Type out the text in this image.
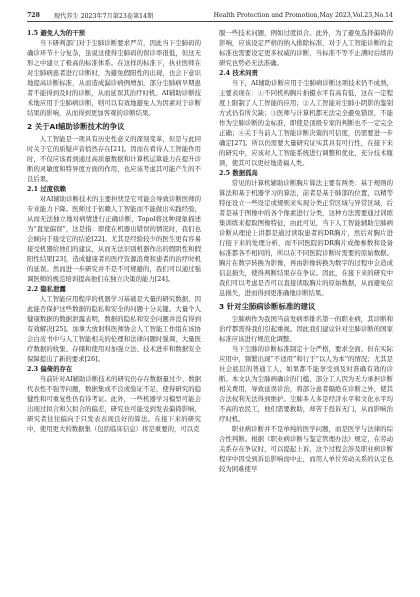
728 现代养生 2023年7月第23卷第14期	Health Protection and Promotion,May 2023,Vol.23,No.14
1.5 避免人为的干预

当下研判部门对于尘肺诊断要求严苛，因此当下尘肺码的确诊环节十分复杂，虽说这使得尘肺码的误诊率很低，但这无形之中建立了极高的标准体系。在这样的标准下，执业医师在对尘肺病患者进行诊断时，为避免假阳性的出现，也会下意识地提高诊断标准，从而造成漏诊病例增加，部分尘肺病早期患者不能得到及时的诊断，从而延误其治疗时机。AI辅助诊断技术地应用于尘肺病诊断，则可以有效地避免人为因素对于诊断结果的影响，从而得到更加客观的诊断结果。

2 关于AI辅助诊断技术的争议

人工智能是一项具有历史性意义的深刻变革，但是与此同时关于它的质疑声音悄然存在[21]。因而在看待人工智能作用时，不仅应该看到通过高质量数据和计算机运算能力在提升诊断的灵敏度和特异度方面的作用，也应该考虑其可能产生的不良后果。

2.1 过度依赖

对AI辅助诊断技术的主要担忧是它可能会导致诊断医师的专业能力下降。医师过于依赖人工智能而不能做出实践经验，从而无法独立地对病情进行正确诊断，Topol将这种现象描述为“直觉偏误”，这是指：即使在机器出错误的情况时，我们也会倾向于接受它的结论[22]。尤其是经验较少的医生更有容易接受机器给他们的建议，从而无法识别机器作出的假阴性和假阳性结果[23]，造成健康者的医疗资源浪费和患者的治疗时机的延误。然而进一步研究并不是不可规避的，我们可以通过强调医师的规范培训提高他们在独立决策的能力[24]。

2.2 隐私泄露

人工智能应用程序的机器学习基础是大量的研究数据，因此能否保护这些数据的隐私和安全的问题十分关键。大量个人健康数据的数据泄露表明，数据的隐私和安全问题并没有得到有效解决[25]。加拿大放射科医师协会人工智能工作组在该协会白皮书中与人工智能相关的伦理和法律问题时强调，大量医疗数据的收集、存储和使用对加强立法、技术进步和数据安全保障提出了新的要求[26]。

2.3 偏倚的存在

当前针对AI辅助诊断技术的研究仍存在数据量过少、数据代表性不强等问题，数据集成不良或验证不足，使得研究的稳健性和可重复性仍有待考证。此外，一些机器学习模型可能会出现过拟合和欠拟合的偏差，研究也可能受到发表偏倚影响，研究者往往偏向于只发表表现良好的算法。在接下来的研究中，使用更大的数据集（包括临床信息）将是重要的，可以克

服一些技术问题，例如过度拟合。此外，为了避免选择偏倚的影响，应该设定严格的纳入排除标准，对于人工智能诊断的金标准也需要设定更多权威的诊断，当标准不等不止满时后续的研究也势必无法准确。

2.4 技术问责

当下，AI辅助诊断应用于尘肺病诊断这项技术仍不成熟，主要表现在：①不同机构胸片拍摄水平有高有低，这在一定程度上限制了人工智能的应用；②人工智能对尘肺小阴影的鉴别方式仍有所欠缺；③医师与计算机都无法完全避免错误，不能作为尘肺诊断的金标准，即使是顶级专家的判断也不一定完全正确；④关于当前人工智能诊断决策的可信度，仍需要进一步确定[27]。所以仍需要大量研究证实其具有可行性，在接下来的研究中，应该对人工智能系统进行调整和优化，充分技术瓶颈，使其可以更好地造福人类。

2.5 数据孤岛

常见的计算机辅助诊断胸片算法主要有两类：基于规则的算法和基于机器学习的算法，前者是基于肺部的位置，以精等特征设立一些设定或规则来实现分类正常区域与异常区域，后者是基于图像中的各个像素进行分类，这种方法需要通过训练集训练来提取图像特征，由此可见，当下人工智能辅助尘肺病诊断从理论上讲都是通过读取患者的DR胸片，然后对胸片进行接下来的处理分析，而不同医院的DR胸片成像参数和设备标准都各不相同的，所以在不同医院诊断时需要的原始数据。胸片在数字转换为影像，再由影像转换为数字的过程中会造成信息损失，使得判断结果存在争议。因此，在接下来的研究中我们可以考虑是否可以直接读取胸片的原始数据，从而避免信息损失，进而得到更准确地诊断结果。

3 针对尘肺病诊断标准的建议

尘肺病作为我国当前发病率排名第一的职业病，其诊断和治疗都需得我们引起重视。因此我们建议针对尘肺诊断的国家标准应该进行规范化调整。

当下尘肺的诊断标准制定十分严格，要求全面、但在实际应用中，频繁出现“不适用”和行于“以人为本”的情况；尤其是社会底层的普通工人，如果都不能享受到及时准确有效的诊断。本文认为尘肺病确诊的门槛，部分工人因为无力承担诊断相关费用，导致延误诊治，将部分患者隔绝在诊断之外，使其合法权利无法得到维护。尘肺多人多是经济水平和文化水平均不高的农民工，他们需要救助，却苦于投诉无门，从而影响治疗时机。

职业病诊断并不是单纯的医学问题，而是医学与法律的综合性判断。根据《职业病诊断与鉴定管理办法》规定，在劳动关系存在争议时，可以提起上诉，这个过程会涉及职业病诊断程序中因受到诉讼影响而中止，而用人单位劳动关系的认定也较为困难使早
